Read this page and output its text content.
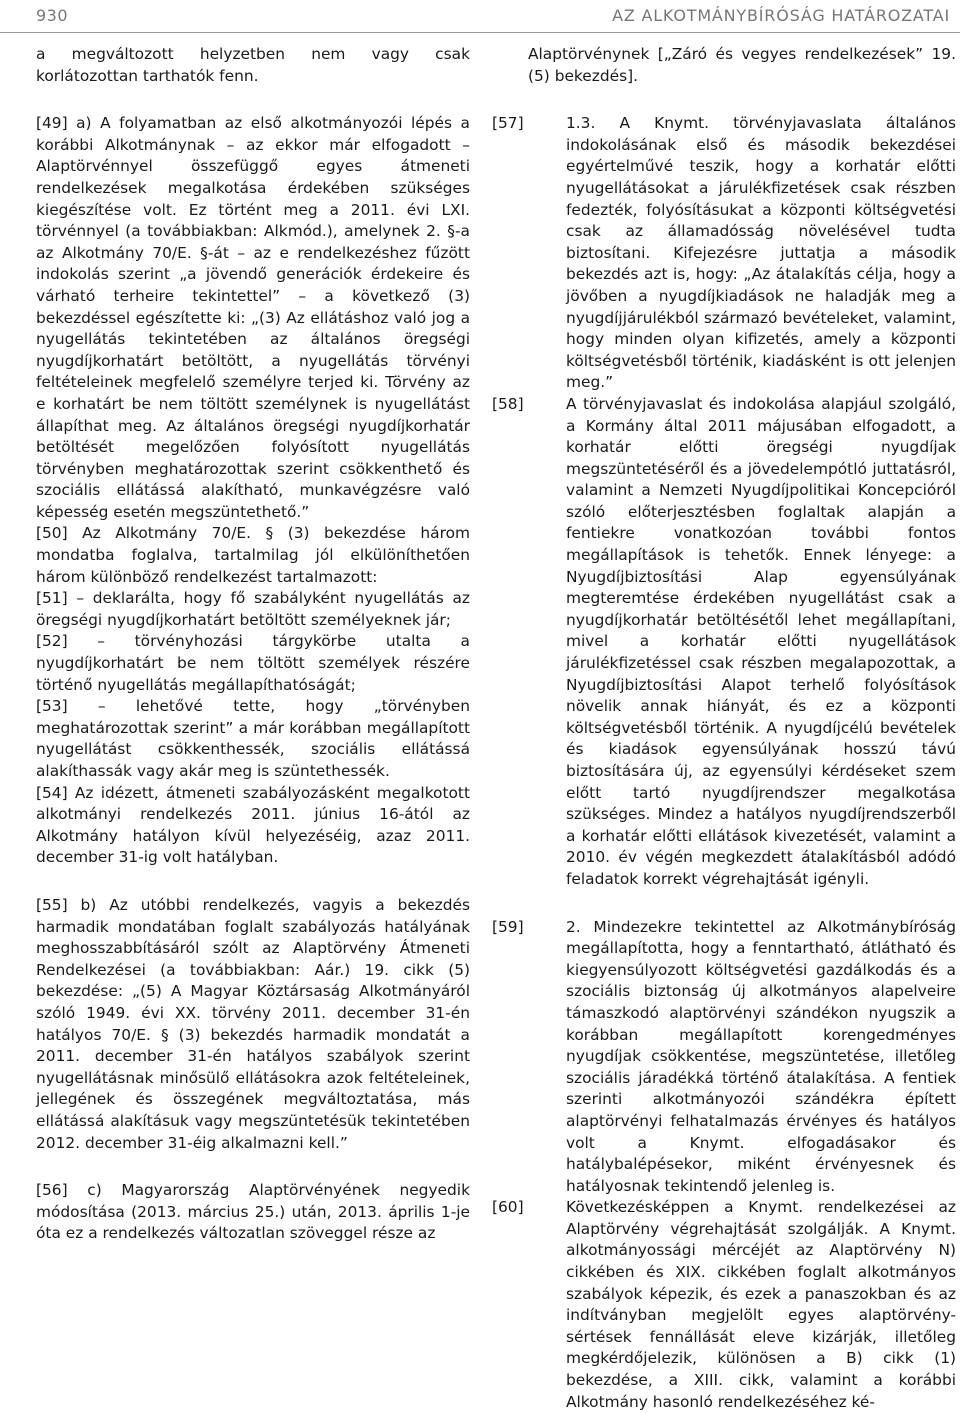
930	AZ ALKOTMÁNYBÍRÓSÁG HATÁROZATAI

a megváltozott helyzetben nem vagy csak korlátozottan tarthatók fenn.

[49] a) A folyamatban az első alkotmányozói lépés a korábbi Alkotmánynak – az ekkor már elfogadott – Alaptörvénnyel összefüggő egyes átmeneti rendelkezések megalkotása érdekében szükséges kiegészítése volt. Ez történt meg a 2011. évi LXI. törvénnyel (a továbbiakban: Alkmód.), amelynek 2. §-a az Alkotmány 70/E. §-át – az e rendelkezéshez fűzött indokolás szerint „a jövendő generációk érdekeire és várható terheire tekintettel” – a következő (3) bekezdéssel egészítette ki: „(3) Az ellátáshoz való jog a nyugellátás tekintetében az általános öregségi nyugdíjkorhatárt betöltött, a nyugellátás törvényi feltételeinek megfelelő személyre terjed ki. Törvény az e korhatárt be nem töltött személynek is nyugellátást állapíthat meg. Az általános öregségi nyugdíjkorhatár betöltését megelőzően folyósított nyugellátás törvényben meghatározottak szerint csökkenthető és szociális ellátássá alakítható, munkavégzésre való képesség esetén megszüntethető.”

[50] Az Alkotmány 70/E. § (3) bekezdése három mondatba foglalva, tartalmilag jól elkülöníthetően három különböző rendelkezést tartalmazott:

[51] – deklarálta, hogy fő szabályként nyugellátás az öregségi nyugdíjkorhatárt betöltött személyeknek jár;

[52] – törvényhozási tárgykörbe utalta a nyugdíjkorhatárt be nem töltött személyek részére történő nyugellátás megállapíthatóságát;

[53] – lehetővé tette, hogy „törvényben meghatározottak szerint” a már korábban megállapított nyugellátást csökkenthessék, szociális ellátássá alakíthassák vagy akár meg is szüntethessék.

[54] Az idézett, átmeneti szabályozásként megalkotott alkotmányi rendelkezés 2011. június 16-ától az Alkotmány hatályon kívül helyezéséig, azaz 2011. december 31-ig volt hatályban.

[55] b) Az utóbbi rendelkezés, vagyis a bekezdés harmadik mondatában foglalt szabályozás hatályának meghosszabbításáról szólt az Alaptörvény Átmeneti Rendelkezései (a továbbiakban: Aár.) 19. cikk (5) bekezdése: „(5) A Magyar Köztársaság Alkotmányáról szóló 1949. évi XX. törvény 2011. december 31-én hatályos 70/E. § (3) bekezdés harmadik mondatát a 2011. december 31-én hatályos szabályok szerint nyugellátásnak minősülő ellátásokra azok feltételeinek, jellegének és összegének megváltoztatása, más ellátássá alakításuk vagy megszüntetésük tekintetében 2012. december 31-éig alkalmazni kell.”

[56] c) Magyarország Alaptörvényének negyedik módosítása (2013. március 25.) után, 2013. április 1-je óta ez a rendelkezés változatlan szöveggel része az

Alaptörvénynek [„Záró és vegyes rendelkezések” 19. (5) bekezdés].

[57]	1.3. A Knymt. törvényjavaslata általános indokolásának első és második bekezdései egyértelművé teszik, hogy a korhatár előtti nyugellátásokat a járulékfizetések csak részben fedezték, folyósításukat a központi költségvetési csak az államadósság növelésével tudta biztosítani. Kifejezésre juttatja a második bekezdés azt is, hogy: „Az átalakítás célja, hogy a jövőben a nyugdíjkiadások ne haladják meg a nyugdíjjárulékból származó bevételeket, valamint, hogy minden olyan kifizetés, amely a központi költségvetésből történik, kiadásként is ott jelenjen meg.”

[58]	A törvényjavaslat és indokolása alapjául szolgáló, a Kormány által 2011 májusában elfogadott, a korhatár előtti öregségi nyugdíjak megszüntetéséről és a jövedelempótló juttatásról, valamint a Nemzeti Nyugdíjpolitikai Koncepcióról szóló előterjesztésben foglaltak alapján a fentiekre vonatkozóan további fontos megállapítások is tehetők. Ennek lényege: a Nyugdíjbiztosítási Alap egyensúlyának megteremtése érdekében nyugellátást csak a nyugdíjkorhatár betöltésétől lehet megállapítani, mivel a korhatár előtti nyugellátások járulékfizetéssel csak részben megalapozottak, a Nyugdíjbiztosítási Alapot terhelő folyósítások növelik annak hiányát, és ez a központi költségvetésből történik. A nyugdíjcélú bevételek és kiadások egyensúlyának hosszú távú biztosítására új, az egyensúlyi kérdéseket szem előtt tartó nyugdíjrendszer megalkotása szükséges. Mindez a hatályos nyugdíjrendszerből a korhatár előtti ellátások kivezetését, valamint a 2010. év végén megkezdett átalakításból adódó feladatok korrekt végrehajtását igényli.

[59]	2. Mindezekre tekintettel az Alkotmánybíróság megállapította, hogy a fenntartható, átlátható és kiegyensúlyozott költségvetési gazdálkodás és a szociális biztonság új alkotmányos alapelveire támaszkodó alaptörvényi szándékon nyugszik a korábban megállapított korengedményes nyugdíjak csökkentése, megszüntetése, illetőleg szociális járadékká történő átalakítása. A fentiek szerinti alkotmányozói szándékra épített alaptörvényi felhatalmazás érvényes és hatályos volt a Knymt. elfogadásakor és hatálybalépésekor, miként érvényesnek és hatályosnak tekintendő jelenleg is.

[60]	Következésképpen a Knymt. rendelkezései az Alaptörvény végrehajtását szolgálják. A Knymt. alkotmányossági mércéjét az Alaptörvény N) cikkében és XIX. cikkében foglalt alkotmányos szabályok képezik, és ezek a panaszokban és az indítványban megjelölt egyes alaptörvény-sértések fennállását eleve kizárják, illetőleg megkérdőjelezik, különösen a B) cikk (1) bekezdése, a XIII. cikk, valamint a korábbi Alkotmány hasonló rendelkezéséhez ké-
